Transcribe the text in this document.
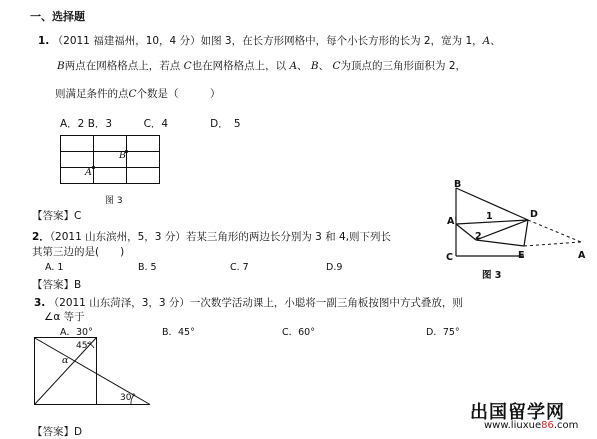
一、选择题
1. （2011 福建福州，10，4 分）如图 3，在长方形网格中，每个小长方形的长为 2，宽为 1，A、
B两点在网格格点上，若点 C也在网格格点上，以 A、 B、 C为顶点的三角形面积为 2，
则满足条件的点C个数是（　　　）
A．2 B．3　　　C．4　　　　D．　5
B
A
图 3
【答案】C
2．（2011 山东滨州，5，3 分）若某三角形的两边长分别为 3 和 4,则下列长
其第三边的是(　　)
A. 1	B. 5	C. 7	D.9
【答案】B
3. （2011 山东菏泽，3，3 分）一次数学活动课上，小聪将一副三角板按图中方式叠放，则
∠α 等于
A．30°	B．45°	C．60°	D．75°
45°
α
30°
【答案】D
B
A'	1
2
D
C	E	A
图 3
出国留学网
www.liuxue86.com
